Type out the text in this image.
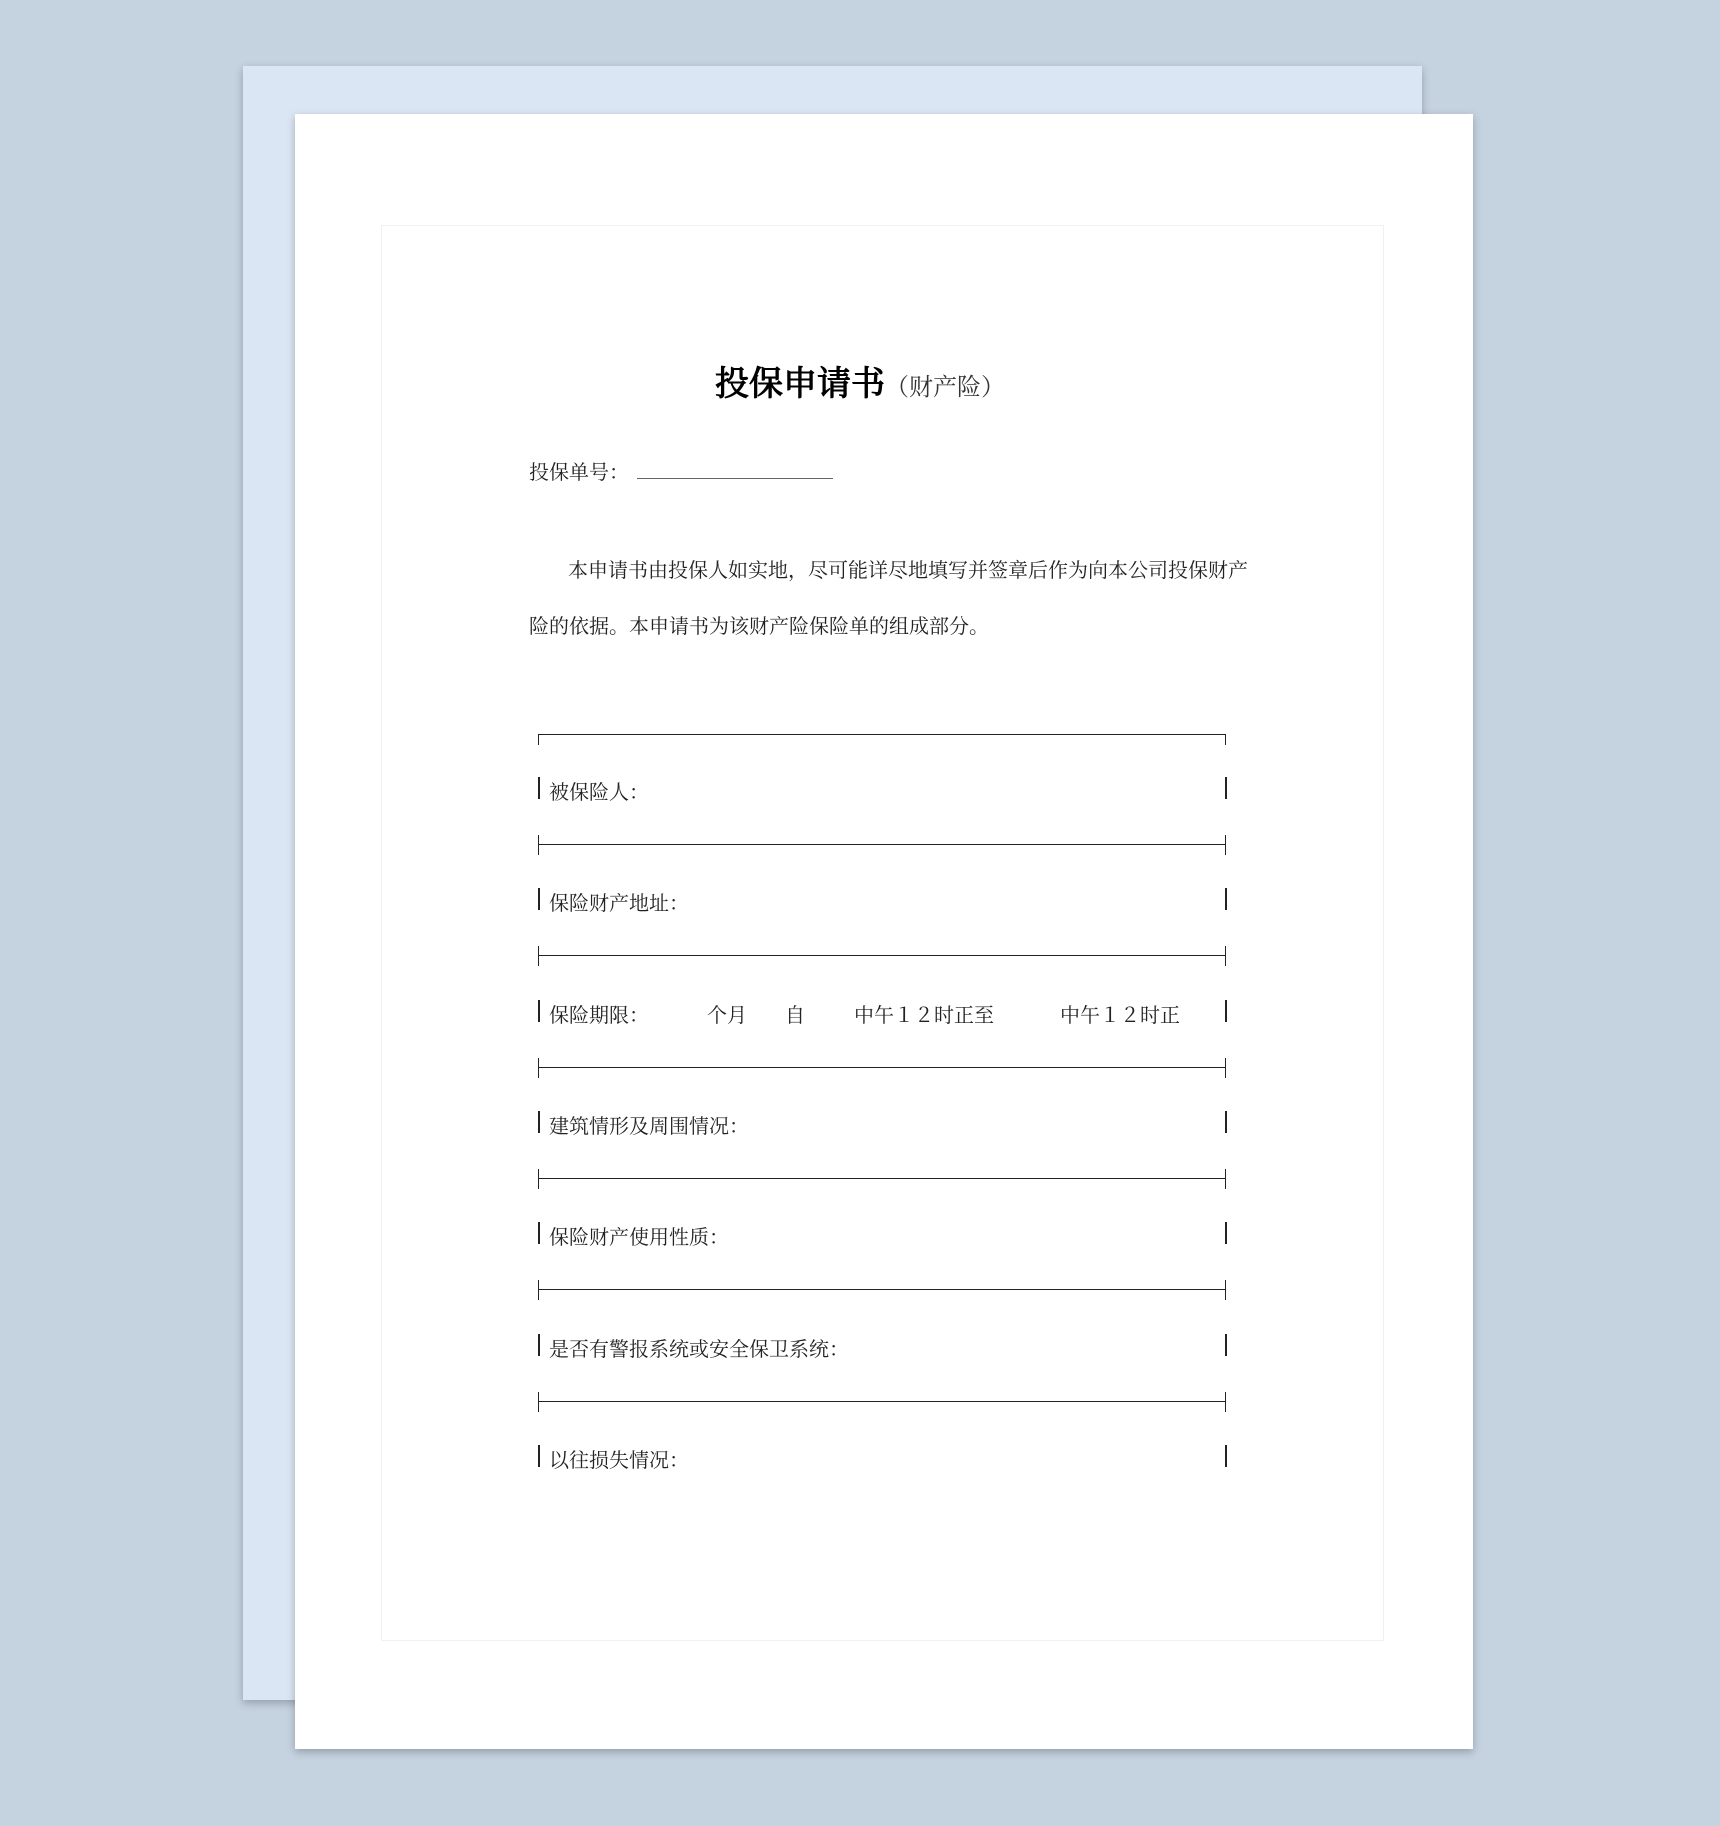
投保申请书（财产险）
投保单号：
本申请书由投保人如实地，尽可能详尽地填写并签章后作为向本公司投保财产
险的依据。本申请书为该财产险保险单的组成部分。
被保险人：
保险财产地址：
保险期限：	个月 自 中午１２时正至	中午１２时正
建筑情形及周围情况：
保险财产使用性质：
是否有警报系统或安全保卫系统：
以往损失情况：
